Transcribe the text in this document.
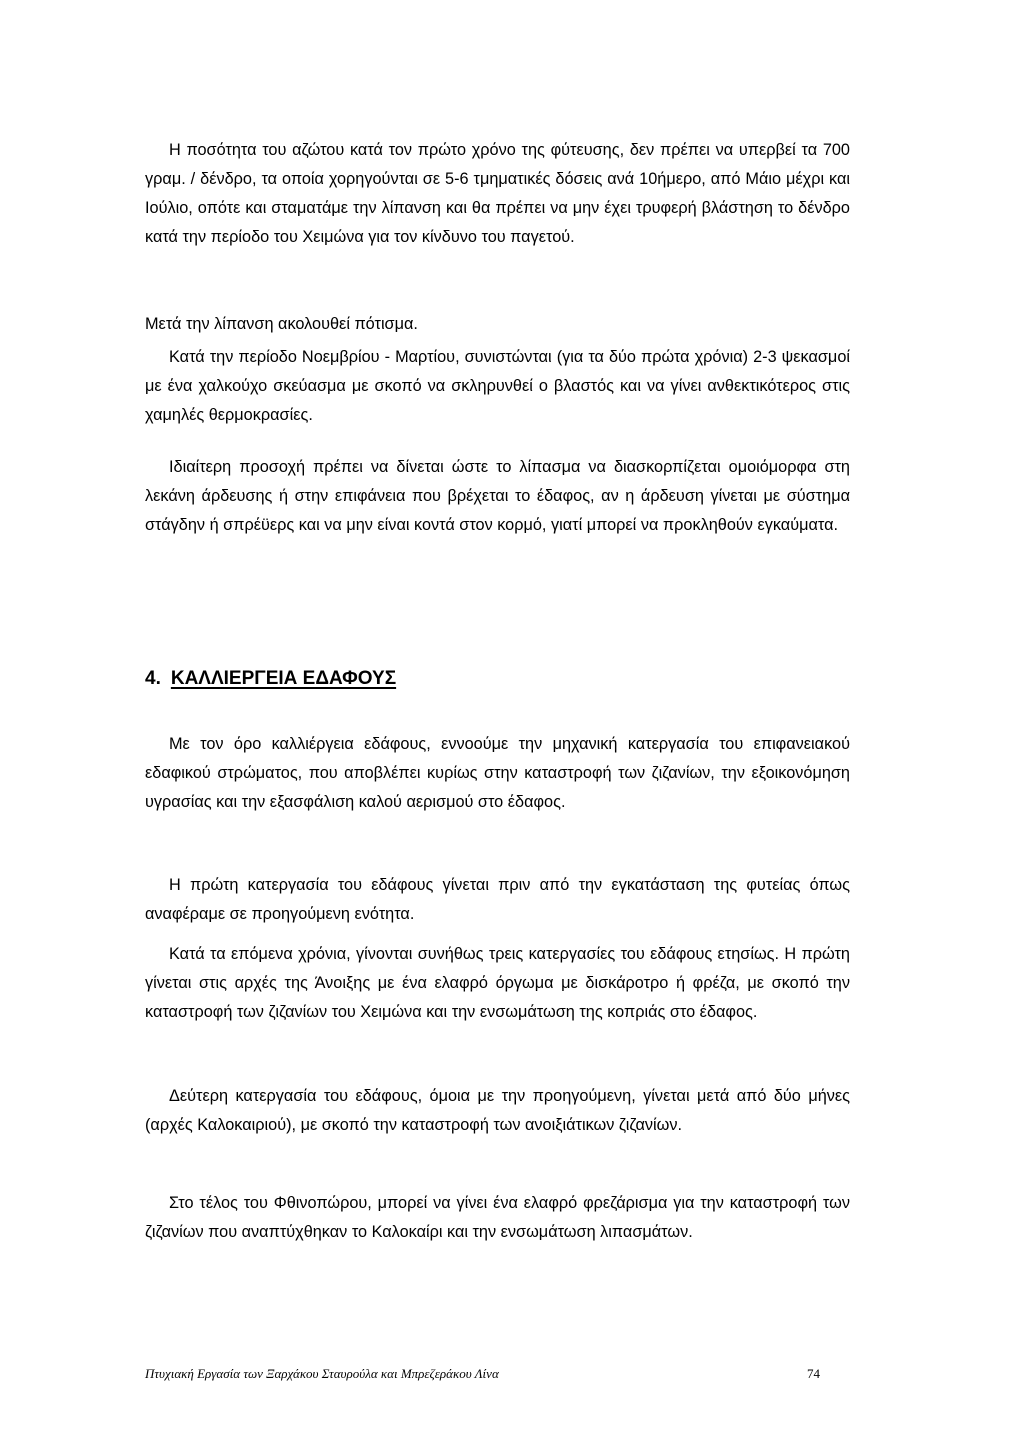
Η ποσότητα του αζώτου κατά τον πρώτο χρόνο της φύτευσης, δεν πρέπει να υπερβεί τα 700 γραμ. / δένδρο, τα οποία χορηγούνται σε 5-6 τμηματικές δόσεις ανά 10ήμερο, από Μάιο μέχρι και Ιούλιο, οπότε και σταματάμε την λίπανση και θα πρέπει να μην έχει τρυφερή βλάστηση το δένδρο κατά την περίοδο του Χειμώνα για τον κίνδυνο του παγετού.

Μετά την λίπανση ακολουθεί πότισμα.

Κατά την περίοδο Νοεμβρίου - Μαρτίου, συνιστώνται (για τα δύο πρώτα χρόνια) 2-3 ψεκασμοί με ένα χαλκούχο σκεύασμα με σκοπό να σκληρυνθεί ο βλαστός και να γίνει ανθεκτικότερος στις χαμηλές θερμοκρασίες.

Ιδιαίτερη προσοχή πρέπει να δίνεται ώστε το λίπασμα να διασκορπίζεται ομοιόμορφα στη λεκάνη άρδευσης ή στην επιφάνεια που βρέχεται το έδαφος, αν η άρδευση γίνεται με σύστημα στάγδην ή σπρέϋερς και να μην είναι κοντά στον κορμό, γιατί μπορεί να προκληθούν εγκαύματα.

4. ΚΑΛΛΙΕΡΓΕΙΑ ΕΔΑΦΟΥΣ

Με τον όρο καλλιέργεια εδάφους, εννοούμε την μηχανική κατεργασία του επιφανειακού εδαφικού στρώματος, που αποβλέπει κυρίως στην καταστροφή των ζιζανίων, την εξοικονόμηση υγρασίας και την εξασφάλιση καλού αερισμού στο έδαφος.

Η πρώτη κατεργασία του εδάφους γίνεται πριν από την εγκατάσταση της φυτείας όπως αναφέραμε σε προηγούμενη ενότητα.

Κατά τα επόμενα χρόνια, γίνονται συνήθως τρεις κατεργασίες του εδάφους ετησίως. Η πρώτη γίνεται στις αρχές της Άνοιξης με ένα ελαφρό όργωμα με δισκάροτρο ή φρέζα, με σκοπό την καταστροφή των ζιζανίων του Χειμώνα και την ενσωμάτωση της κοπριάς στο έδαφος.

Δεύτερη κατεργασία του εδάφους, όμοια με την προηγούμενη, γίνεται μετά από δύο μήνες (αρχές Καλοκαιριού), με σκοπό την καταστροφή των ανοιξιάτικων ζιζανίων.

Στο τέλος του Φθινοπώρου, μπορεί να γίνει ένα ελαφρό φρεζάρισμα για την καταστροφή των ζιζανίων που αναπτύχθηκαν το Καλοκαίρι και την ενσωμάτωση λιπασμάτων.

Πτυχιακή Εργασία των Ξαρχάκου Σταυρούλα και Μπρεζεράκου Λίνα	74
